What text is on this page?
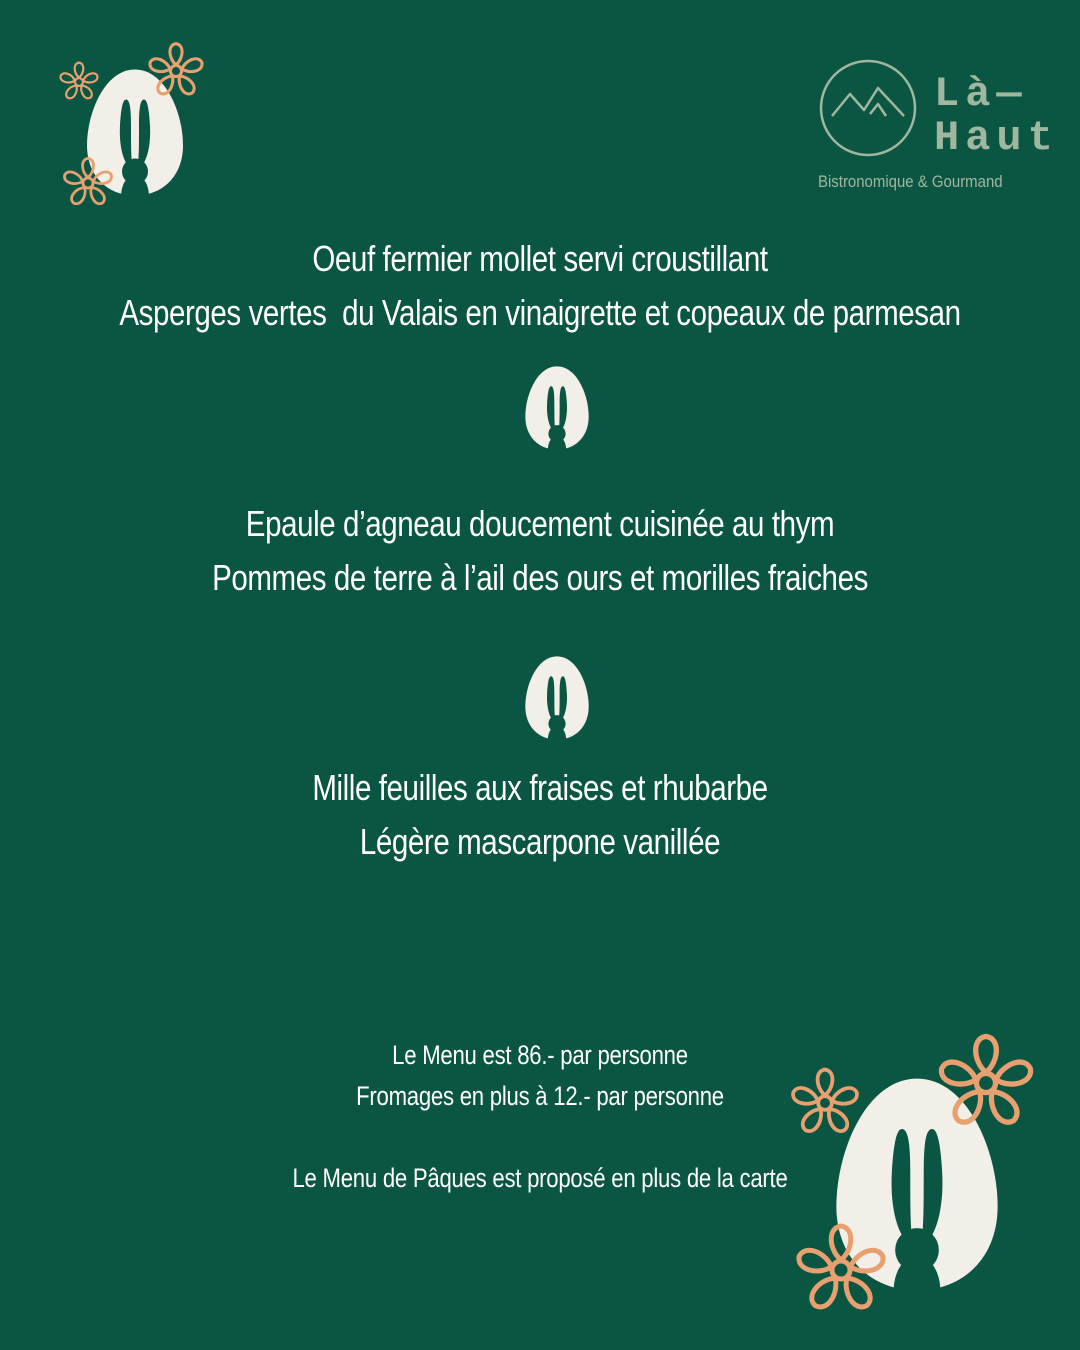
Là—
Haut
Bistronomique & Gourmand
Oeuf fermier mollet servi croustillant
Asperges vertes  du Valais en vinaigrette et copeaux de parmesan
Epaule d’agneau doucement cuisinée au thym
Pommes de terre à l’ail des ours et morilles fraiches
Mille feuilles aux fraises et rhubarbe
Légère mascarpone vanillée
Le Menu est 86.- par personne
Fromages en plus à 12.- par personne
Le Menu de Pâques est proposé en plus de la carte
